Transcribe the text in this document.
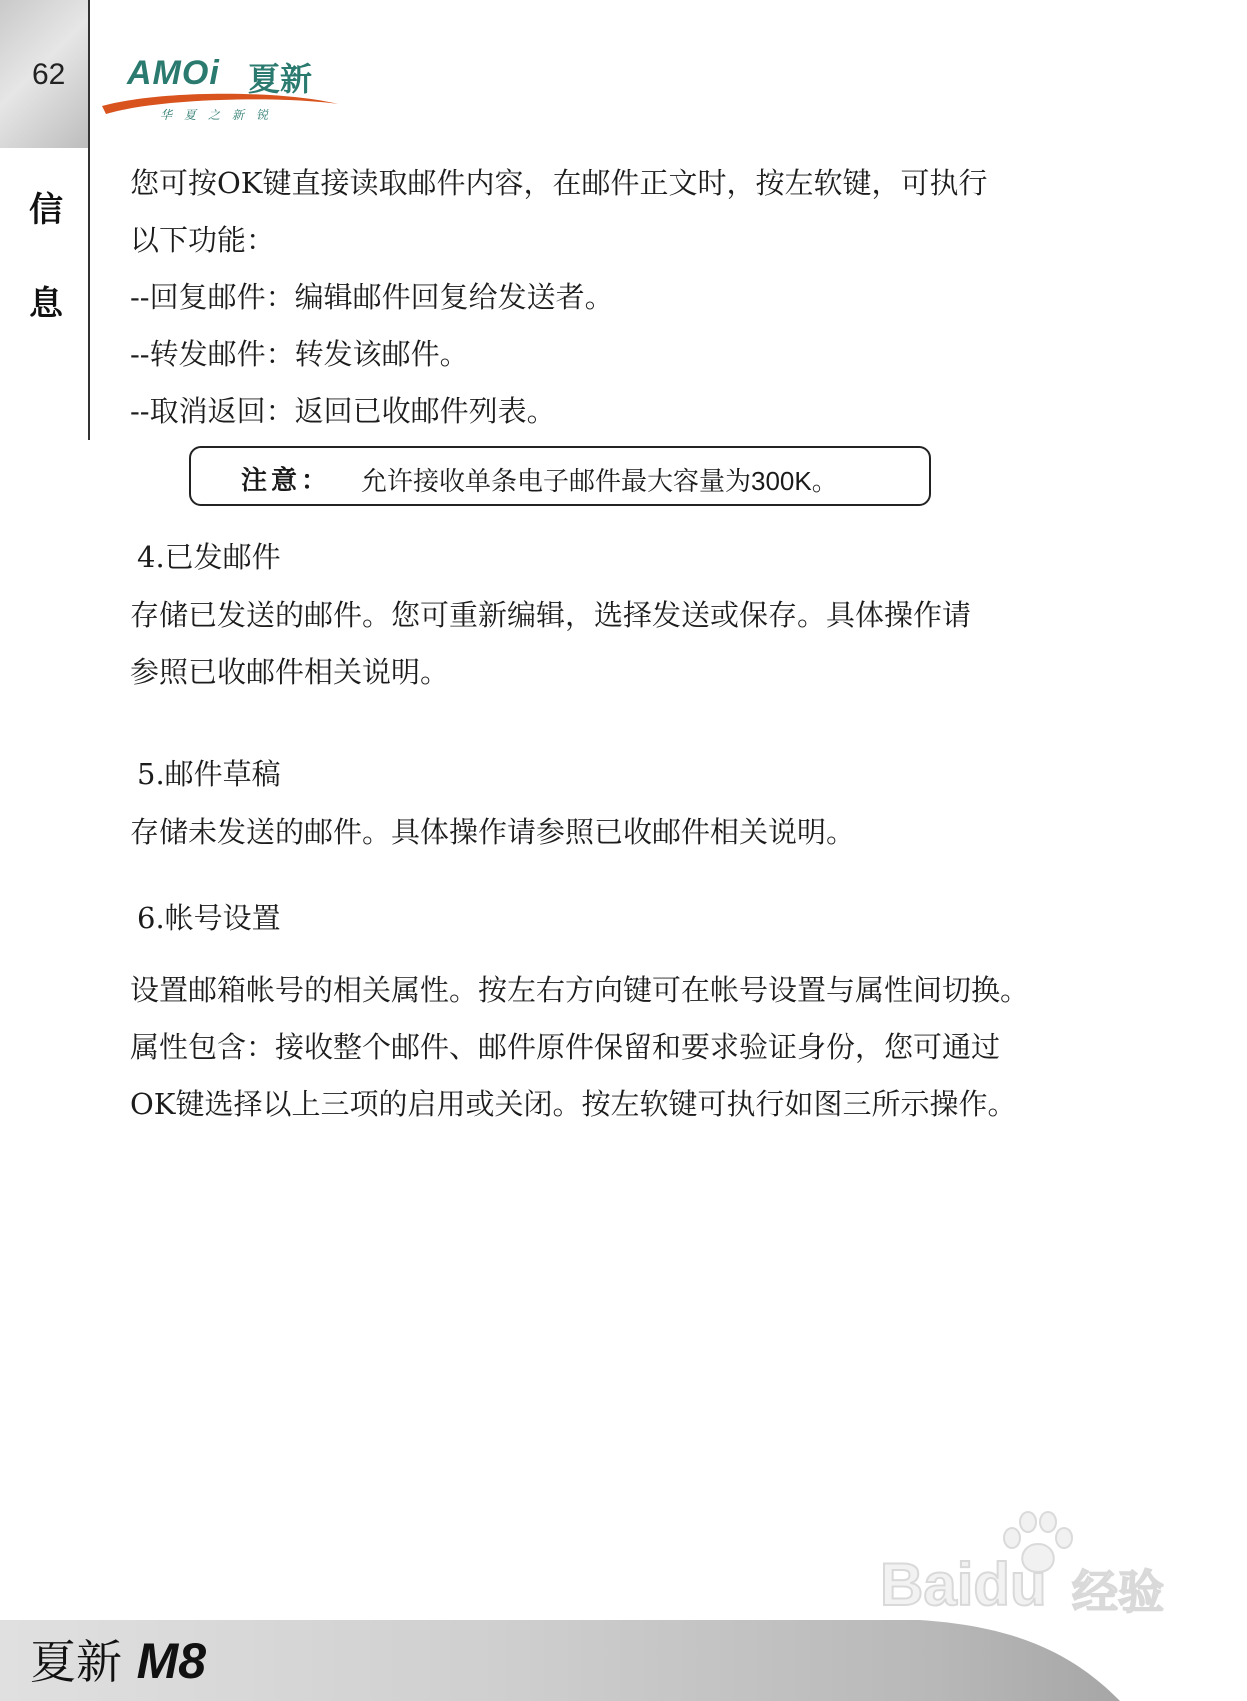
62
信
息
AMOi 夏新
华夏之新锐
您可按OK键直接读取邮件内容，在邮件正文时，按左软键，可执行
以下功能：
--回复邮件：编辑邮件回复给发送者。
--转发邮件：转发该邮件。
--取消返回：返回已收邮件列表。
注意： 允许接收单条电子邮件最大容量为300K。
4.已发邮件
存储已发送的邮件。您可重新编辑，选择发送或保存。具体操作请
参照已收邮件相关说明。
5.邮件草稿
存储未发送的邮件。具体操作请参照已收邮件相关说明。
6.帐号设置
设置邮箱帐号的相关属性。按左右方向键可在帐号设置与属性间切换。
属性包含：接收整个邮件、邮件原件保留和要求验证身份，您可通过
OK键选择以上三项的启用或关闭。按左软键可执行如图三所示操作。
Baidu 经验
夏新 M8
